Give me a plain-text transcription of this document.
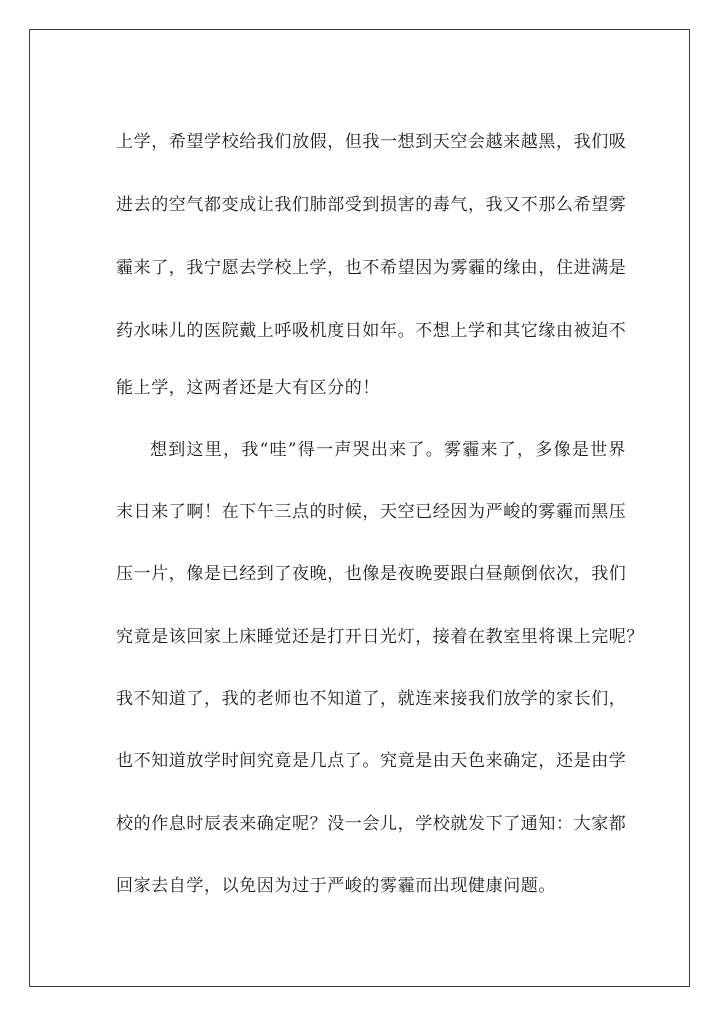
上学，希望学校给我们放假，但我一想到天空会越来越黑，我们吸
进去的空气都变成让我们肺部受到损害的毒气，我又不那么希望雾
霾来了，我宁愿去学校上学，也不希望因为雾霾的缘由，住进满是
药水味儿的医院戴上呼吸机度日如年。不想上学和其它缘由被迫不
能上学，这两者还是大有区分的！
想到这里，我“哇”得一声哭出来了。雾霾来了，多像是世界
末日来了啊！在下午三点的时候，天空已经因为严峻的雾霾而黑压
压一片，像是已经到了夜晚，也像是夜晚要跟白昼颠倒依次，我们
究竟是该回家上床睡觉还是打开日光灯，接着在教室里将课上完呢？
我不知道了，我的老师也不知道了，就连来接我们放学的家长们，
也不知道放学时间究竟是几点了。究竟是由天色来确定，还是由学
校的作息时辰表来确定呢？没一会儿，学校就发下了通知：大家都
回家去自学，以免因为过于严峻的雾霾而出现健康问题。
